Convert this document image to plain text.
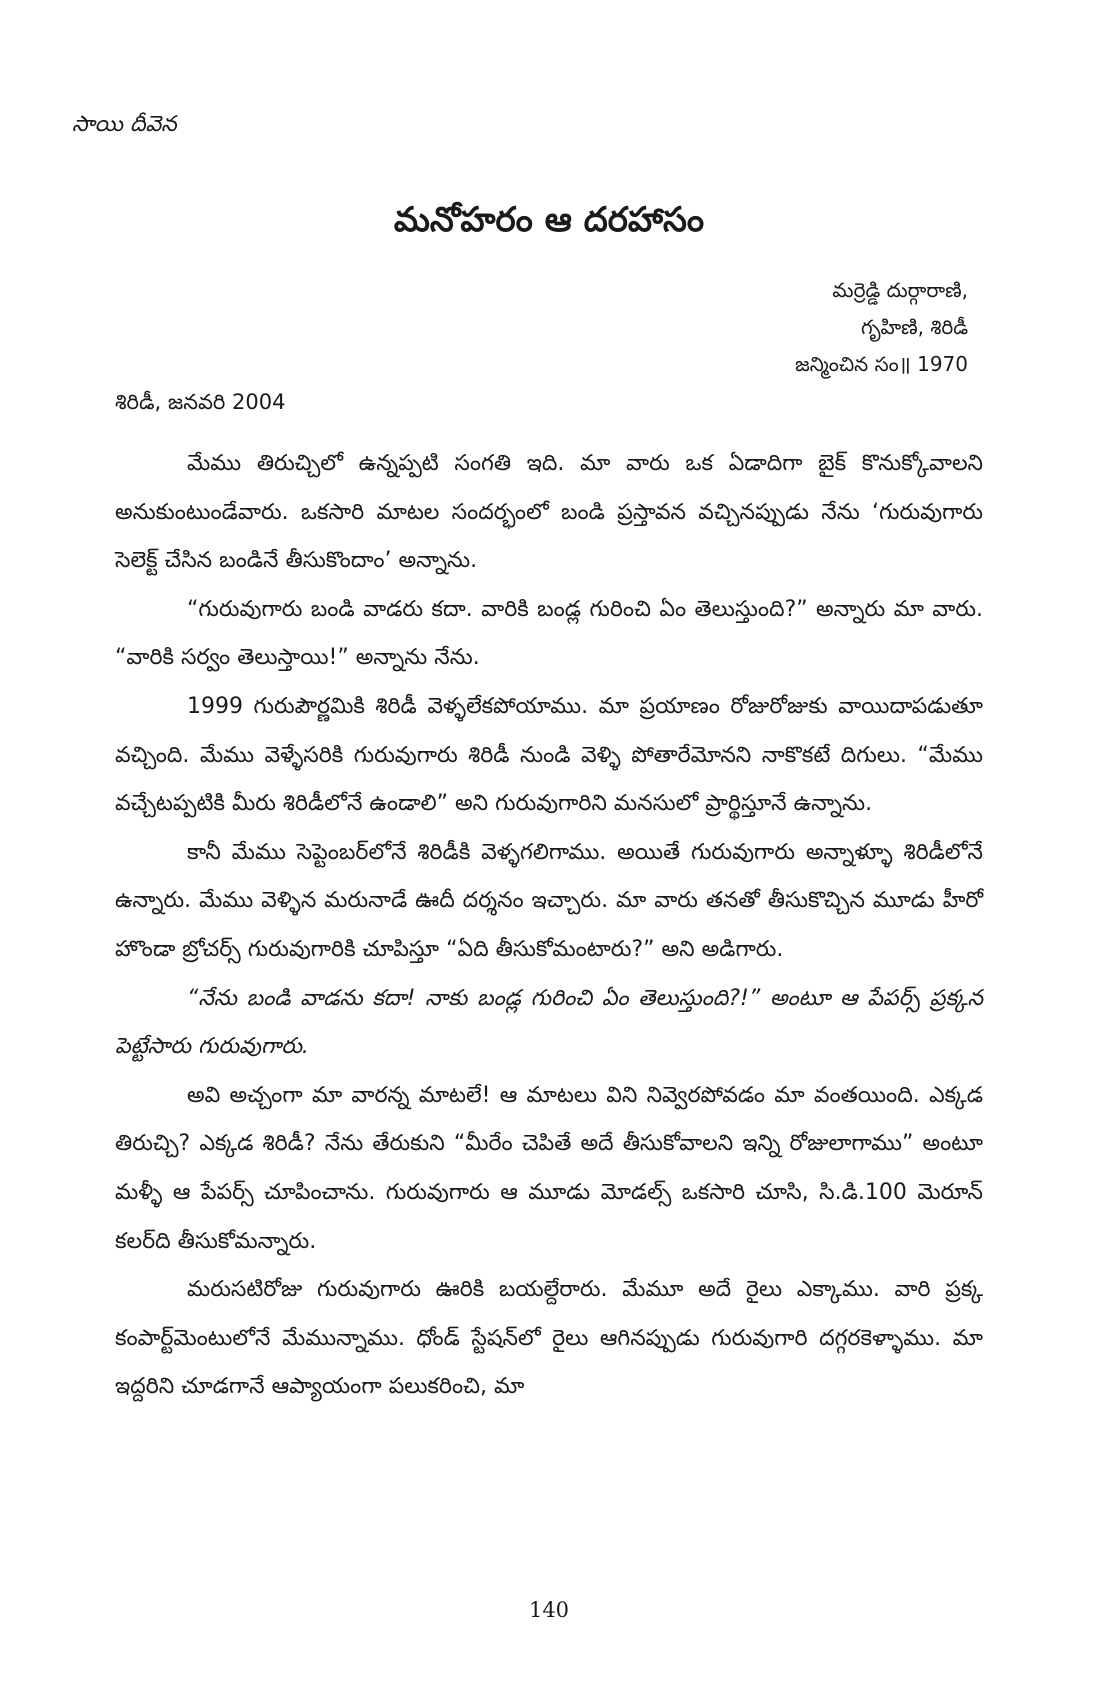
సాయి దీవెన
మనోహరం ఆ దరహాసం
మర్రెడ్డి దుర్గారాణి,
గృహిణి, శిరిడీ
జన్మించిన సం॥ 1970
శిరిడీ, జనవరి 2004

మేము తిరుచ్చిలో ఉన్నప్పటి సంగతి ఇది. మా వారు ఒక ఏడాదిగా బైక్ కొనుక్కోవాలని అనుకుంటుండేవారు. ఒకసారి మాటల సందర్భంలో బండి ప్రస్తావన వచ్చినప్పుడు నేను ‘గురువుగారు సెలెక్ట్ చేసిన బండినే తీసుకొందాం’ అన్నాను.

“గురువుగారు బండి వాడరు కదా. వారికి బండ్ల గురించి ఏం తెలుస్తుంది?” అన్నారు మా వారు. “వారికి సర్వం తెలుస్తాయి!” అన్నాను నేను.

1999 గురుపౌర్ణమికి శిరిడీ వెళ్ళలేకపోయాము. మా ప్రయాణం రోజురోజుకు వాయిదాపడుతూ వచ్చింది. మేము వెళ్ళేసరికి గురువుగారు శిరిడీ నుండి వెళ్ళి పోతారేమోనని నాకొకటే దిగులు. “మేము వచ్చేటప్పటికి మీరు శిరిడీలోనే ఉండాలి” అని గురువుగారిని మనసులో ప్రార్థిస్తూనే ఉన్నాను.

కానీ మేము సెప్టెంబర్‌లోనే శిరిడీకి వెళ్ళగలిగాము. అయితే గురువుగారు అన్నాళ్ళూ శిరిడీలోనే ఉన్నారు. మేము వెళ్ళిన మరునాడే ఊదీ దర్శనం ఇచ్చారు. మా వారు తనతో తీసుకొచ్చిన మూడు హీరో హొండా బ్రోచర్స్ గురువుగారికి చూపిస్తూ “ఏది తీసుకోమంటారు?” అని అడిగారు.

“నేను బండి వాడను కదా! నాకు బండ్ల గురించి ఏం తెలుస్తుంది?!” అంటూ ఆ పేపర్స్ ప్రక్కన పెట్టేసారు గురువుగారు.

అవి అచ్చంగా మా వారన్న మాటలే! ఆ మాటలు విని నివ్వెరపోవడం మా వంతయింది. ఎక్కడ తిరుచ్చి? ఎక్కడ శిరిడీ? నేను తేరుకుని “మీరేం చెపితే అదే తీసుకోవాలని ఇన్ని రోజులాగాము” అంటూ మళ్ళీ ఆ పేపర్స్ చూపించాను. గురువుగారు ఆ మూడు మోడల్స్ ఒకసారి చూసి, సి.డి.100 మెరూన్ కలర్‌ది తీసుకోమన్నారు.

మరుసటిరోజు గురువుగారు ఊరికి బయల్దేరారు. మేమూ అదే రైలు ఎక్కాము. వారి ప్రక్క కంపార్ట్‌మెంటులోనే మేమున్నాము. ధోండ్ స్టేషన్‌లో రైలు ఆగినప్పుడు గురువుగారి దగ్గరకెళ్ళాము. మా ఇద్దరిని చూడగానే ఆప్యాయంగా పలుకరించి, మా

140
